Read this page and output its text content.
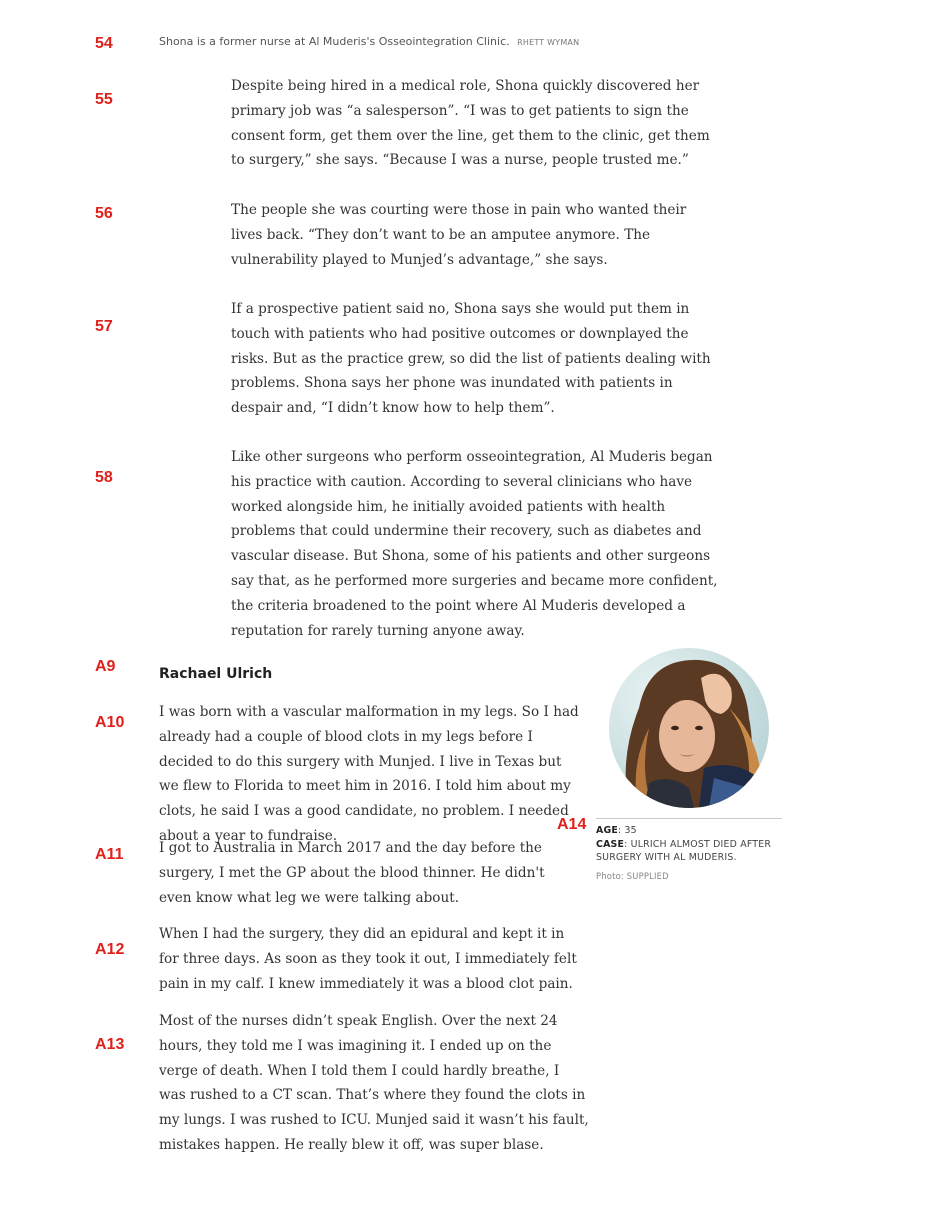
54
55
56
57
58
A9
A10
A11
A12
A13
A14
Shona is a former nurse at Al Muderis's Osseointegration Clinic. RHETT WYMAN

Despite being hired in a medical role, Shona quickly discovered her primary job was “a salesperson”. “I was to get patients to sign the consent form, get them over the line, get them to the clinic, get them to surgery,” she says. “Because I was a nurse, people trusted me.”

The people she was courting were those in pain who wanted their lives back. “They don’t want to be an amputee anymore. The vulnerability played to Munjed’s advantage,” she says.

If a prospective patient said no, Shona says she would put them in touch with patients who had positive outcomes or downplayed the risks. But as the practice grew, so did the list of patients dealing with problems. Shona says her phone was inundated with patients in despair and, “I didn’t know how to help them”.

Like other surgeons who perform osseointegration, Al Muderis began his practice with caution. According to several clinicians who have worked alongside him, he initially avoided patients with health problems that could undermine their recovery, such as diabetes and vascular disease. But Shona, some of his patients and other surgeons say that, as he performed more surgeries and became more confident, the criteria broadened to the point where Al Muderis developed a reputation for rarely turning anyone away.

Rachael Ulrich

I was born with a vascular malformation in my legs. So I had already had a couple of blood clots in my legs before I decided to do this surgery with Munjed. I live in Texas but we flew to Florida to meet him in 2016. I told him about my clots, he said I was a good candidate, no problem. I needed about a year to fundraise.

I got to Australia in March 2017 and the day before the surgery, I met the GP about the blood thinner. He didn't even know what leg we were talking about.

When I had the surgery, they did an epidural and kept it in for three days. As soon as they took it out, I immediately felt pain in my calf. I knew immediately it was a blood clot pain.

Most of the nurses didn’t speak English. Over the next 24 hours, they told me I was imagining it. I ended up on the verge of death. When I told them I could hardly breathe, I was rushed to a CT scan. That’s where they found the clots in my lungs. I was rushed to ICU. Munjed said it wasn’t his fault, mistakes happen. He really blew it off, was super blase.

AGE: 35
CASE: ULRICH ALMOST DIED AFTER SURGERY WITH AL MUDERIS.
Photo: SUPPLIED
